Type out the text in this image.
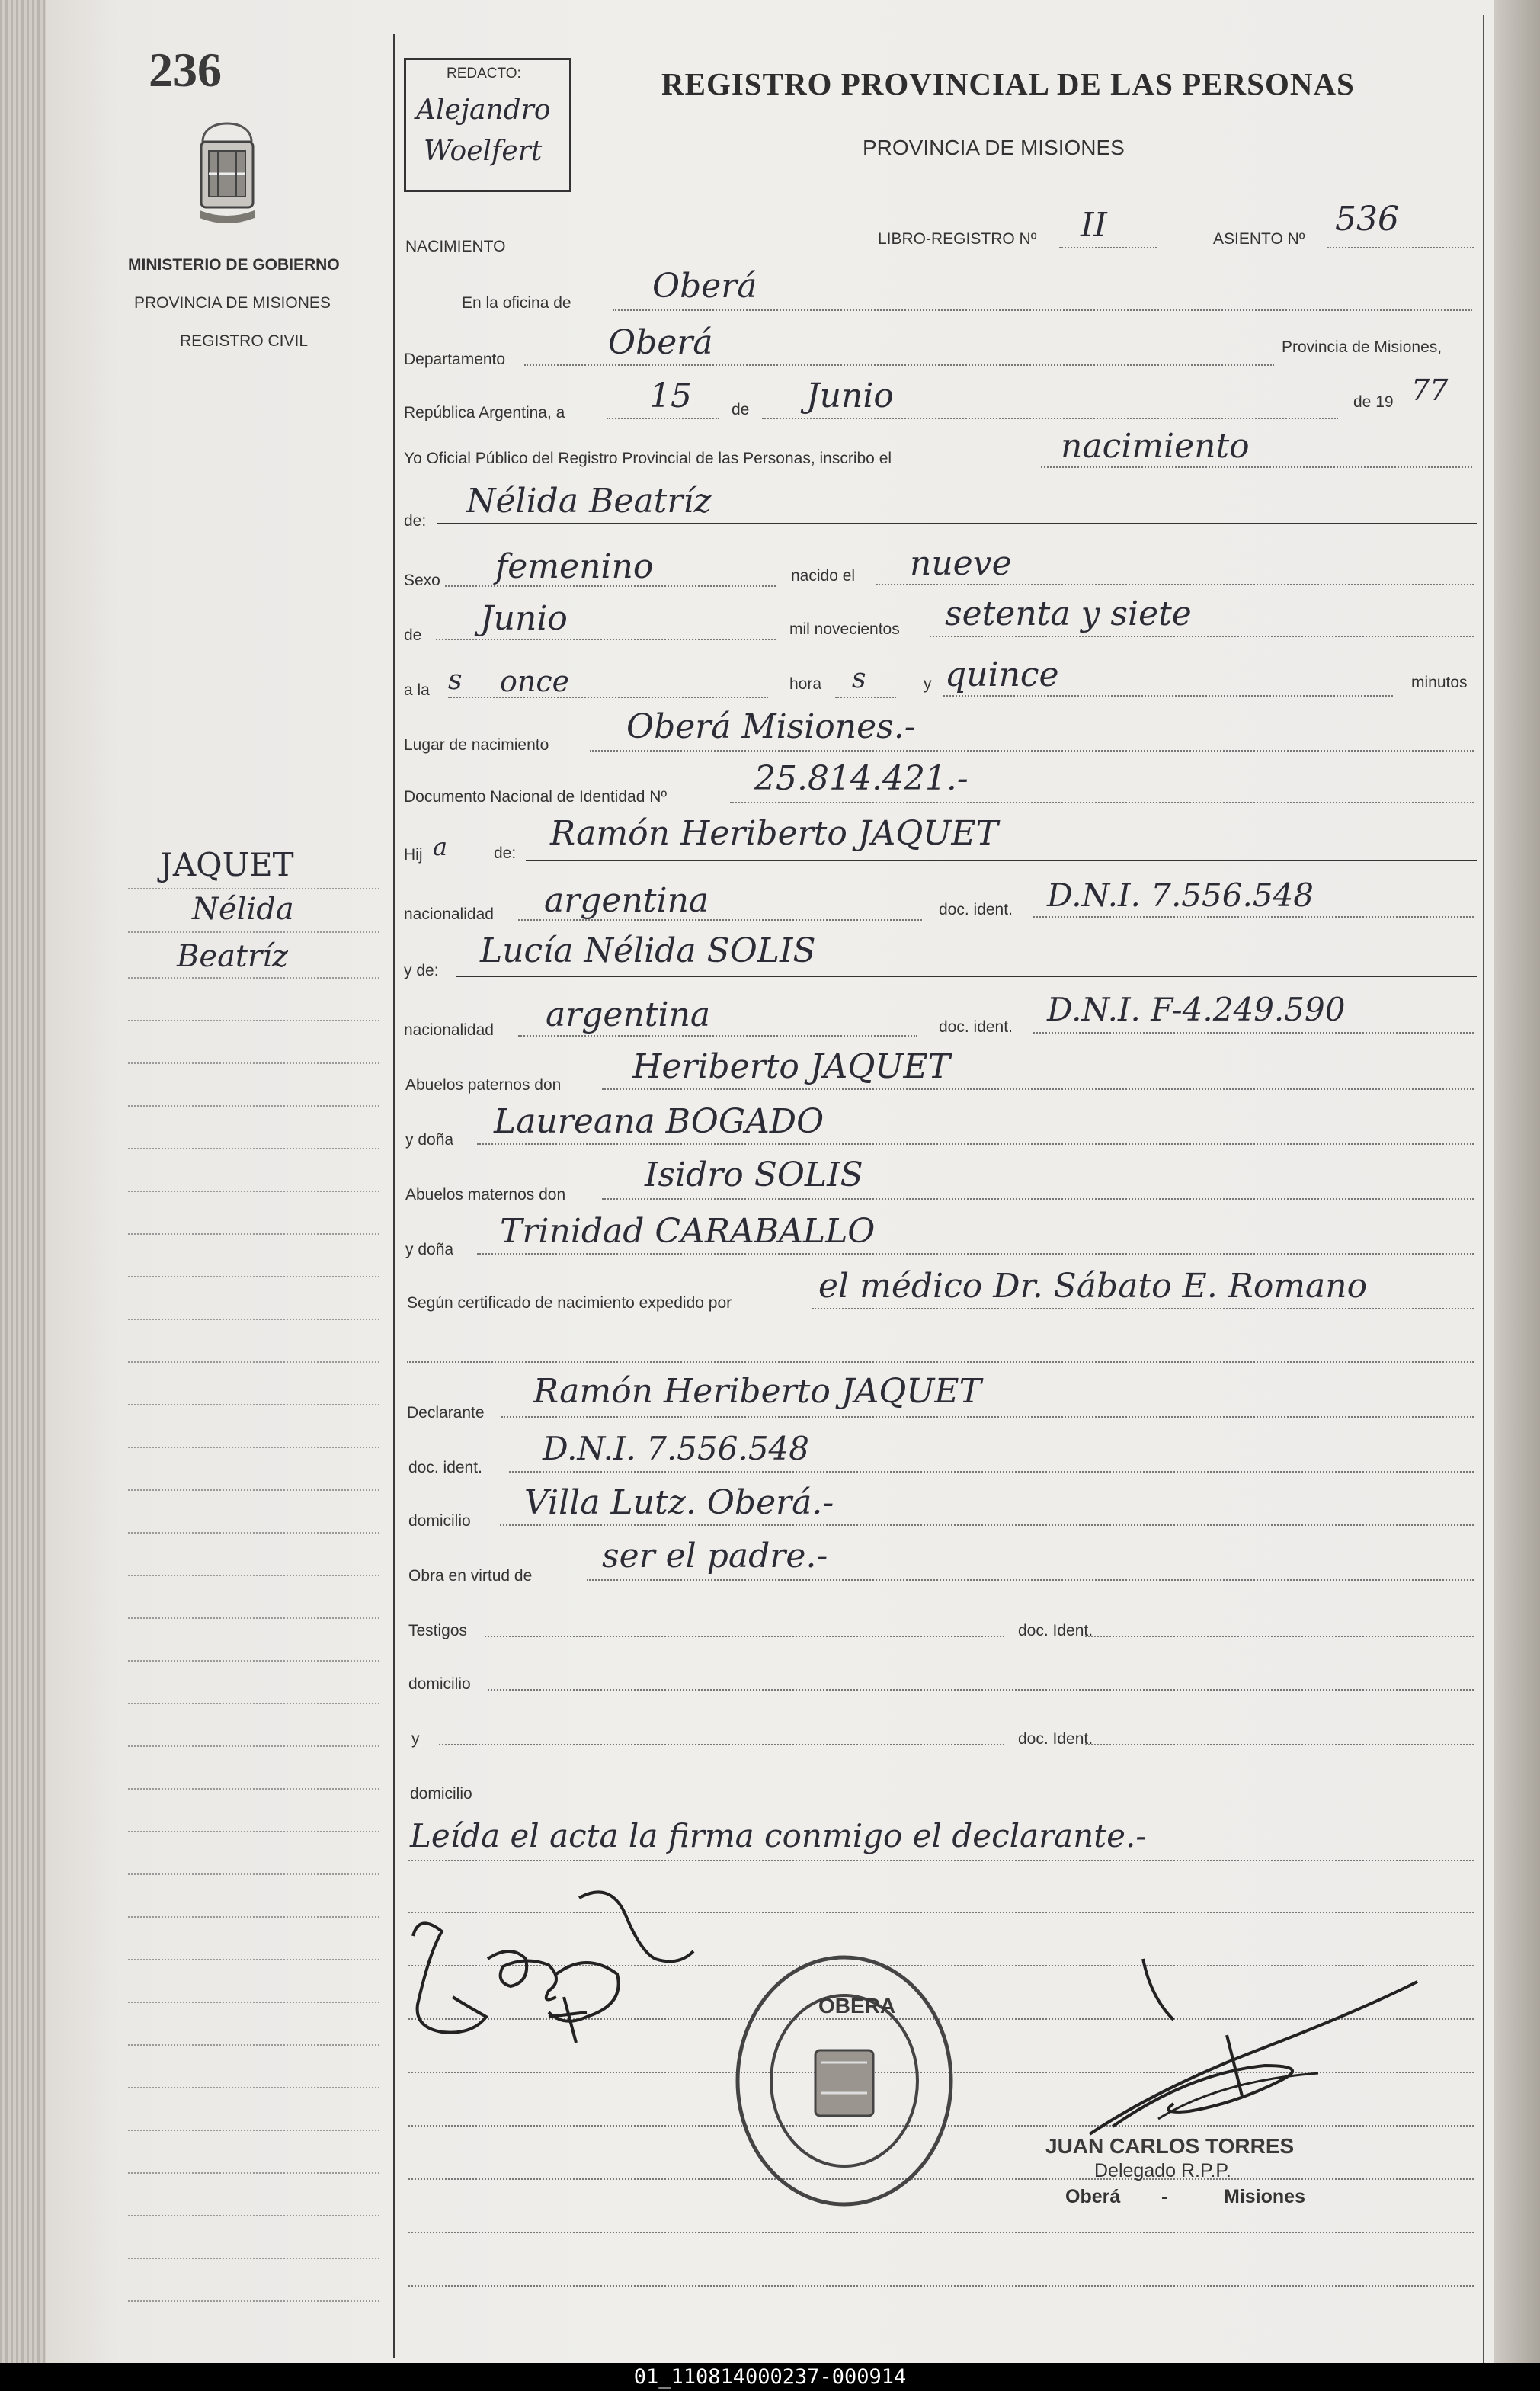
236
MINISTERIO DE GOBIERNO
PROVINCIA DE MISIONES
REGISTRO CIVIL
JAQUET
Nélida
Beatríz
REDACTO:
Alejandro
Woelfert
REGISTRO PROVINCIAL DE LAS PERSONAS
PROVINCIA DE MISIONES
NACIMIENTO	LIBRO-REGISTRO Nº II	ASIENTO Nº
536
En la oficina de Oberá
Departamento	Oberá	Provincia de Misiones,
República Argentina, a	15 de Junio	de 19 77
Yo Oficial Público del Registro Provincial de las Personas, inscribo el	nacimiento
de:
Nélida Beatríz
Sexo femenino	nacido el nueve
de Junio	mil novecientos setenta y siete
a la s once	hora s	y quince	minutos
Lugar de nacimiento Oberá Misiones.-
Documento Nacional de Identidad Nº	25.814.421.-
Hij a	de:
Ramón Heriberto JAQUET
nacionalidad argentina	doc. ident. D.N.I. 7.556.548
y de:
Lucía Nélida SOLIS
nacionalidad argentina	doc. ident. D.N.I. F-4.249.590
Abuelos paternos don Heriberto JAQUET
y doña Laureana BOGADO
Abuelos maternos don
Isidro SOLIS
y doña Trinidad CARABALLO
Según certificado de nacimiento expedido por	el médico Dr. Sábato E. Romano
Declarante
Ramón Heriberto JAQUET
doc. ident.
D.N.I. 7.556.548
domicilio Villa Lutz. Oberá.-
Obra en virtud de
ser el padre.-
Testigos	doc. Ident.
domicilio
y	doc. Ident.
domicilio
Leída el acta la firma conmigo el declarante.-
OBERA
JUAN CARLOS TORRES
Delegado R.P.P.
Oberá -	Misiones
01_110814000237-000914
